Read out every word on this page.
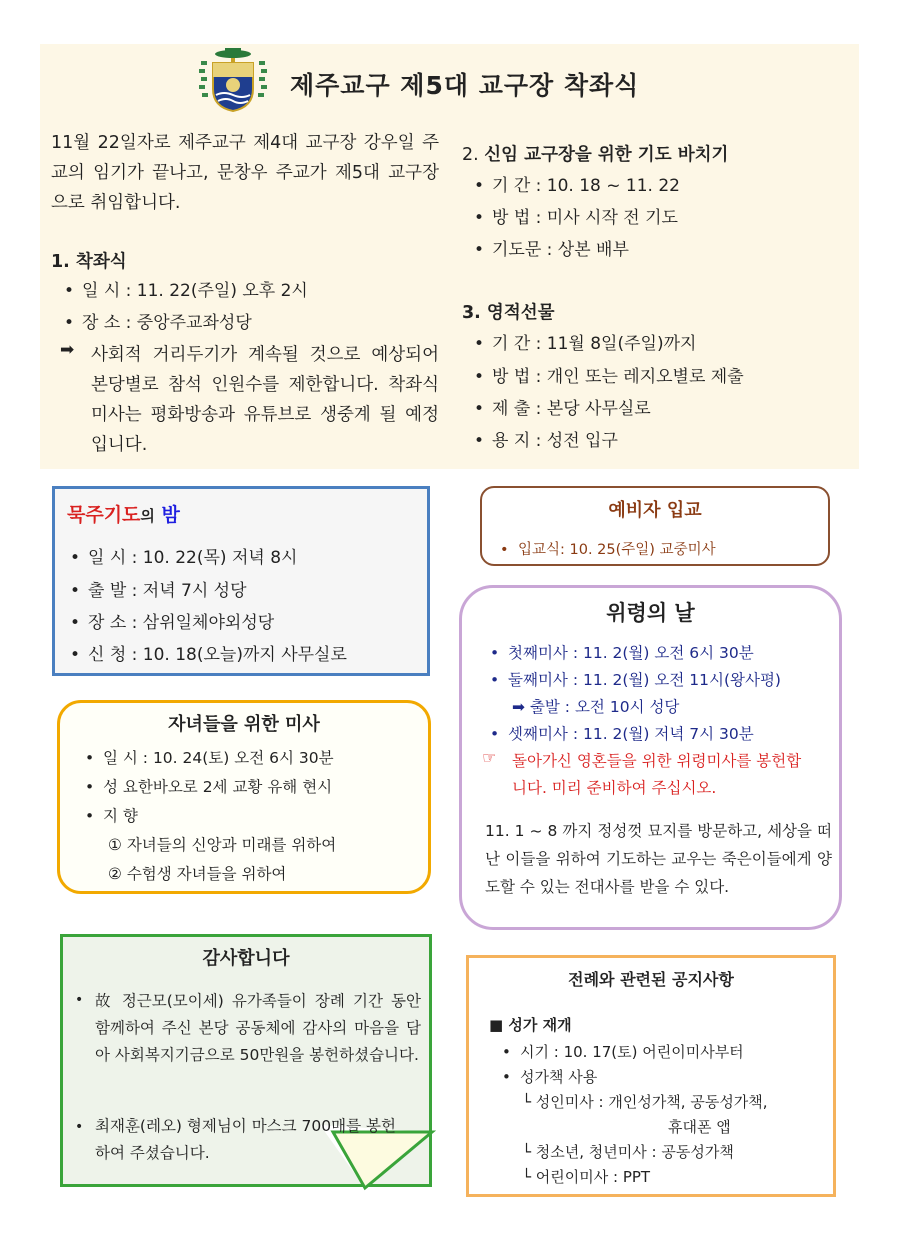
제주교구 제5대 교구장 착좌식
11월 22일자로 제주교구 제4대 교구장 강우일 주교의 임기가 끝나고, 문창우 주교가 제5대 교구장으로 취임합니다.
1. 착좌식
• 일 시 : 11. 22(주일) 오후 2시
• 장 소 : 중앙주교좌성당
➡ 사회적 거리두기가 계속될 것으로 예상되어 본당별로 참석 인원수를 제한합니다. 착좌식 미사는 평화방송과 유튜브로 생중계 될 예정입니다.
2. 신임 교구장을 위한 기도 바치기
• 기 간 : 10. 18 ~ 11. 22
• 방 법 : 미사 시작 전 기도
• 기도문 : 상본 배부
3. 영적선물
• 기 간 : 11월 8일(주일)까지
• 방 법 : 개인 또는 레지오별로 제출
• 제 출 : 본당 사무실로
• 용 지 : 성전 입구
묵주기도의 밤
• 일 시 : 10. 22(목) 저녁 8시
• 출 발 : 저녁 7시 성당
• 장 소 : 삼위일체야외성당
• 신 청 : 10. 18(오늘)까지 사무실로
자녀들을 위한 미사
• 일 시 : 10. 24(토) 오전 6시 30분
• 성 요한바오로 2세 교황 유해 현시
• 지 향
① 자녀들의 신앙과 미래를 위하여
② 수험생 자녀들을 위하여
예비자 입교
• 입교식: 10. 25(주일) 교중미사
위령의 날
• 첫째미사 : 11. 2(월) 오전 6시 30분
• 둘째미사 : 11. 2(월) 오전 11시(왕사평)
➡ 출발 : 오전 10시 성당
• 셋째미사 : 11. 2(월) 저녁 7시 30분
☞ 돌아가신 영혼들을 위한 위령미사를 봉헌합니다. 미리 준비하여 주십시오.
11. 1 ~ 8 까지 정성껏 묘지를 방문하고, 세상을 떠난 이들을 위하여 기도하는 교우는 죽은이들에게 양도할 수 있는 전대사를 받을 수 있다.
감사합니다
• 故 정근모(모이세) 유가족들이 장례 기간 동안 함께하여 주신 본당 공동체에 감사의 마음을 담아 사회복지기금으로 50만원을 봉헌하셨습니다.
• 최재훈(레오) 형제님이 마스크 700매를 봉헌하여 주셨습니다.
전례와 관련된 공지사항
■ 성가 재개
• 시기 : 10. 17(토) 어린이미사부터
• 성가책 사용
└ 성인미사 : 개인성가책, 공동성가책,
휴대폰 앱
└ 청소년, 청년미사 : 공동성가책
└ 어린이미사 : PPT
